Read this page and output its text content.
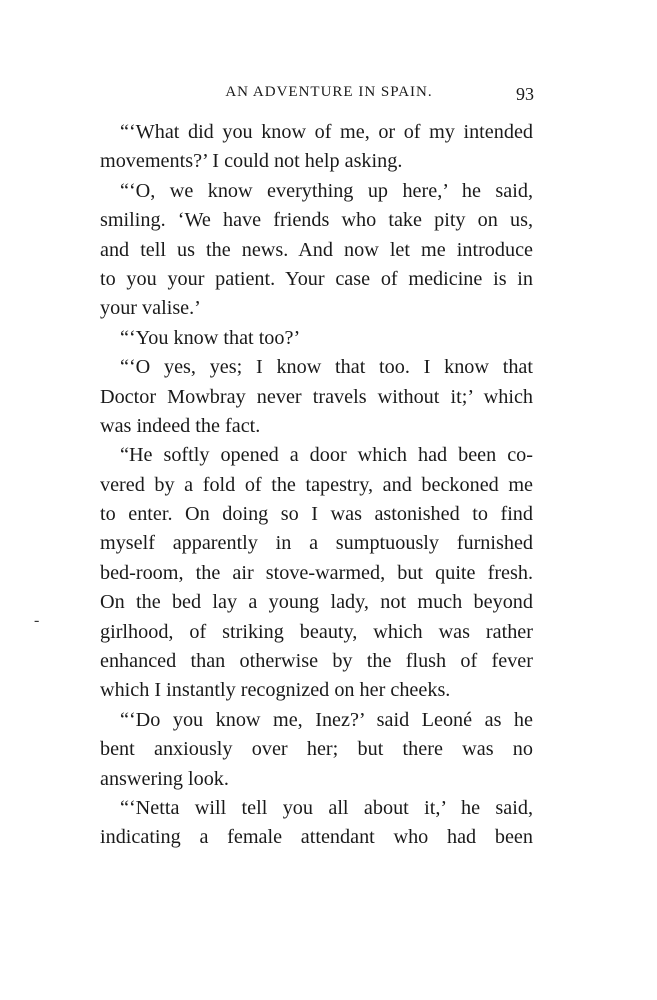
AN ADVENTURE IN SPAIN.	93
“‘What did you know of me, or of my intended
movements?’ I could not help asking.
“‘O, we know everything up here,’ he said,
smiling. ‘We have friends who take pity on us,
and tell us the news. And now let me introduce
to you your patient. Your case of medicine is in
your valise.’
“‘You know that too?’
“‘O yes, yes; I know that too. I know that
Doctor Mowbray never travels without it;’ which
was indeed the fact.
“He softly opened a door which had been co-
vered by a fold of the tapestry, and beckoned me
to enter. On doing so I was astonished to find
myself apparently in a sumptuously furnished
bed-room, the air stove-warmed, but quite fresh.
On the bed lay a young lady, not much beyond
girlhood, of striking beauty, which was rather
enhanced than otherwise by the flush of fever
which I instantly recognized on her cheeks.
“‘Do you know me, Inez?’ said Leoné as he
bent anxiously over her; but there was no
answering look.
“‘Netta will tell you all about it,’ he said,
indicating a female attendant who had been
-
